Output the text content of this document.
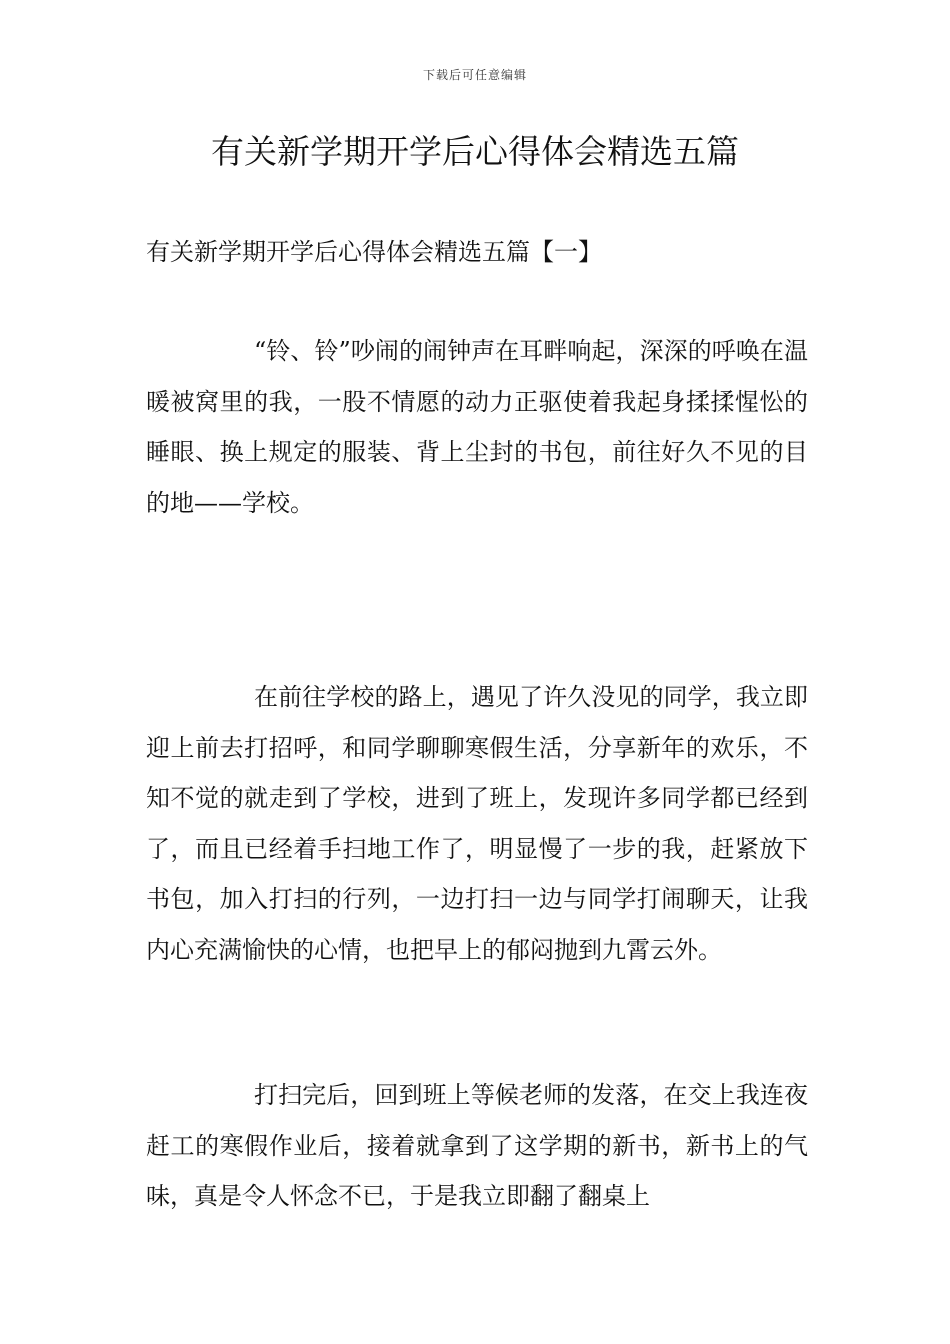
下载后可任意编辑
有关新学期开学后心得体会精选五篇

有关新学期开学后心得体会精选五篇【一】

“铃、铃”吵闹的闹钟声在耳畔响起，深深的呼唤在温暖被窝里的我，一股不情愿的动力正驱使着我起身揉揉惺忪的睡眼、换上规定的服装、背上尘封的书包，前往好久不见的目的地——学校。

在前往学校的路上，遇见了许久没见的同学，我立即迎上前去打招呼，和同学聊聊寒假生活，分享新年的欢乐，不知不觉的就走到了学校，进到了班上，发现许多同学都已经到了，而且已经着手扫地工作了，明显慢了一步的我，赶紧放下书包，加入打扫的行列，一边打扫一边与同学打闹聊天，让我内心充满愉快的心情，也把早上的郁闷抛到九霄云外。

打扫完后，回到班上等候老师的发落，在交上我连夜赶工的寒假作业后，接着就拿到了这学期的新书，新书上的气味，真是令人怀念不已，于是我立即翻了翻桌上
